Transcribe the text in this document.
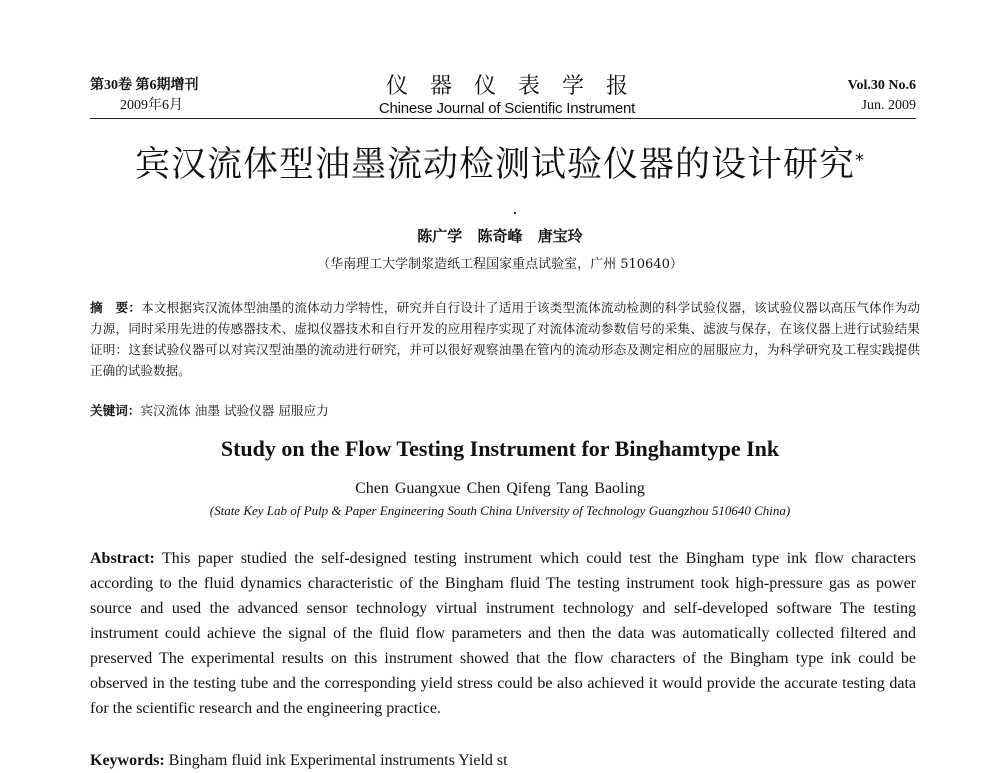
第30卷 第6期增刊
2009年6月
仪器仪表学报
Chinese Journal of Scientific Instrument
Vol.30 No.6
Jun. 2009
宾汉流体型油墨流动检测试验仪器的设计研究*
陈广学 陈奇峰 唐宝玲
（华南理工大学制浆造纸工程国家重点试验室，广州 510640）
摘　要：本文根据宾汉流体型油墨的流体动力学特性，研究并自行设计了适用于该类型流体流动检测的科学试验仪器，该试验仪器以高压气体作为动力源，同时采用先进的传感器技术、虚拟仪器技术和自行开发的应用程序实现了对流体流动参数信号的采集、滤波与保存，在该仪器上进行试验结果证明：这套试验仪器可以对宾汉型油墨的流动进行研究，并可以很好观察油墨在管内的流动形态及测定相应的屈服应力，为科学研究及工程实践提供正确的试验数据。
关键词：宾汉流体 油墨 试验仪器 屈服应力
Study on the Flow Testing Instrument for Binghamtype Ink
Chen Guangxue Chen Qifeng Tang Baoling
(State Key Lab of Pulp & Paper Engineering South China University of Technology Guangzhou 510640 China)
Abstract: This paper studied the self-designed testing instrument which could test the Bingham type ink flow characters according to the fluid dynamics characteristic of the Bingham fluid The testing instrument took high-pressure gas as power source and used the advanced sensor technology virtual instrument technology and self-developed software The testing instrument could achieve the signal of the fluid flow parameters and then the data was automatically collected filtered and preserved The experimental results on this instrument showed that the flow characters of the Bingham type ink could be observed in the testing tube and the corresponding yield stress could be also achieved it would provide the accurate testing data for the scientific research and the engineering practice.
Keywords: Bingham fluid ink Experimental instruments Yield st
